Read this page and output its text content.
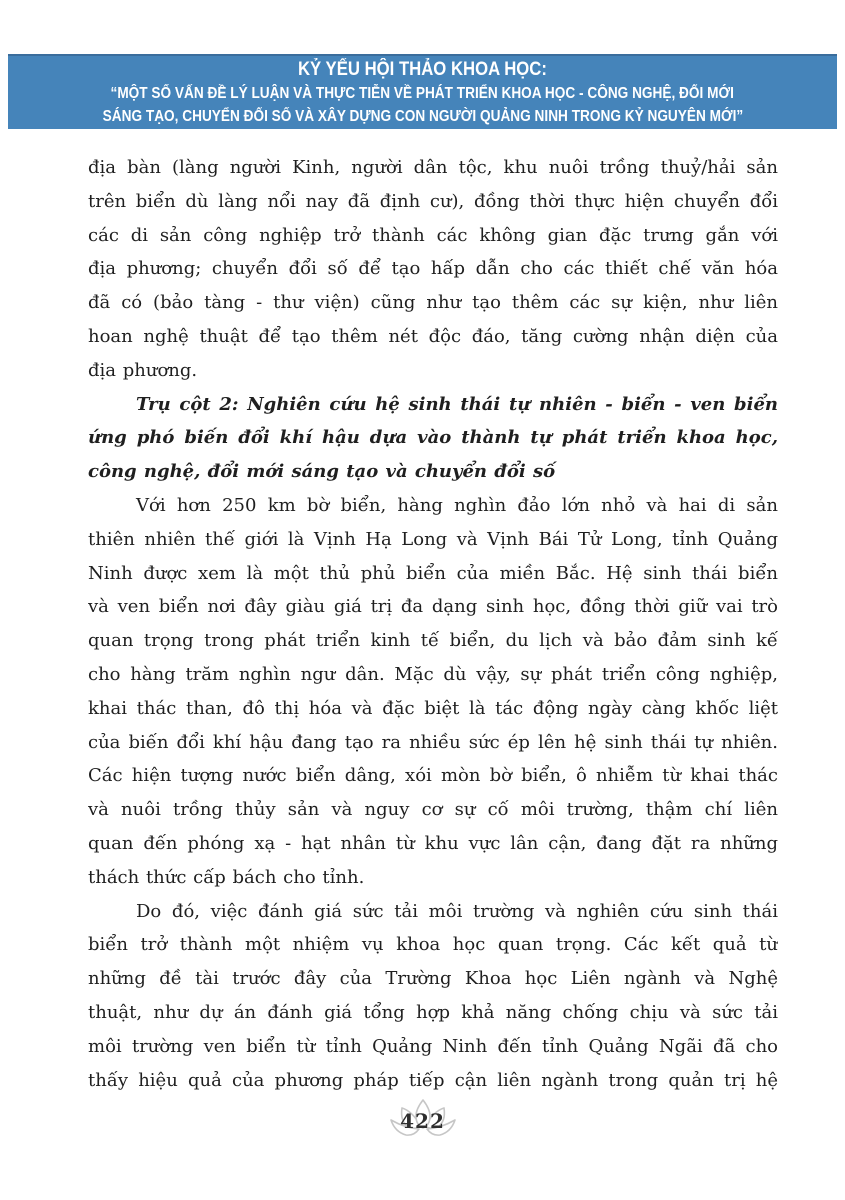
KỶ YẾU HỘI THẢO KHOA HỌC:
“MỘT SỐ VẤN ĐỀ LÝ LUẬN VÀ THỰC TIỄN VỀ PHÁT TRIỂN KHOA HỌC - CÔNG NGHỆ, ĐỔI MỚI
SÁNG TẠO, CHUYỂN ĐỔI SỐ VÀ XÂY DỰNG CON NGƯỜI QUẢNG NINH TRONG KỶ NGUYÊN MỚI”
địa bàn (làng người Kinh, người dân tộc, khu nuôi trồng thuỷ/hải sản
trên biển dù làng nổi nay đã định cư), đồng thời thực hiện chuyển đổi
các di sản công nghiệp trở thành các không gian đặc trưng gắn với
địa phương; chuyển đổi số để tạo hấp dẫn cho các thiết chế văn hóa
đã có (bảo tàng - thư viện) cũng như tạo thêm các sự kiện, như liên
hoan nghệ thuật để tạo thêm nét độc đáo, tăng cường nhận diện của
địa phương.
Trụ cột 2: Nghiên cứu hệ sinh thái tự nhiên - biển - ven biển
ứng phó biến đổi khí hậu dựa vào thành tự phát triển khoa học,
công nghệ, đổi mới sáng tạo và chuyển đổi số
Với hơn 250 km bờ biển, hàng nghìn đảo lớn nhỏ và hai di sản
thiên nhiên thế giới là Vịnh Hạ Long và Vịnh Bái Tử Long, tỉnh Quảng
Ninh được xem là một thủ phủ biển của miền Bắc. Hệ sinh thái biển
và ven biển nơi đây giàu giá trị đa dạng sinh học, đồng thời giữ vai trò
quan trọng trong phát triển kinh tế biển, du lịch và bảo đảm sinh kế
cho hàng trăm nghìn ngư dân. Mặc dù vậy, sự phát triển công nghiệp,
khai thác than, đô thị hóa và đặc biệt là tác động ngày càng khốc liệt
của biến đổi khí hậu đang tạo ra nhiều sức ép lên hệ sinh thái tự nhiên.
Các hiện tượng nước biển dâng, xói mòn bờ biển, ô nhiễm từ khai thác
và nuôi trồng thủy sản và nguy cơ sự cố môi trường, thậm chí liên
quan đến phóng xạ - hạt nhân từ khu vực lân cận, đang đặt ra những
thách thức cấp bách cho tỉnh.
Do đó, việc đánh giá sức tải môi trường và nghiên cứu sinh thái
biển trở thành một nhiệm vụ khoa học quan trọng. Các kết quả từ
những đề tài trước đây của Trường Khoa học Liên ngành và Nghệ
thuật, như dự án đánh giá tổng hợp khả năng chống chịu và sức tải
môi trường ven biển từ tỉnh Quảng Ninh đến tỉnh Quảng Ngãi đã cho
thấy hiệu quả của phương pháp tiếp cận liên ngành trong quản trị hệ
422
